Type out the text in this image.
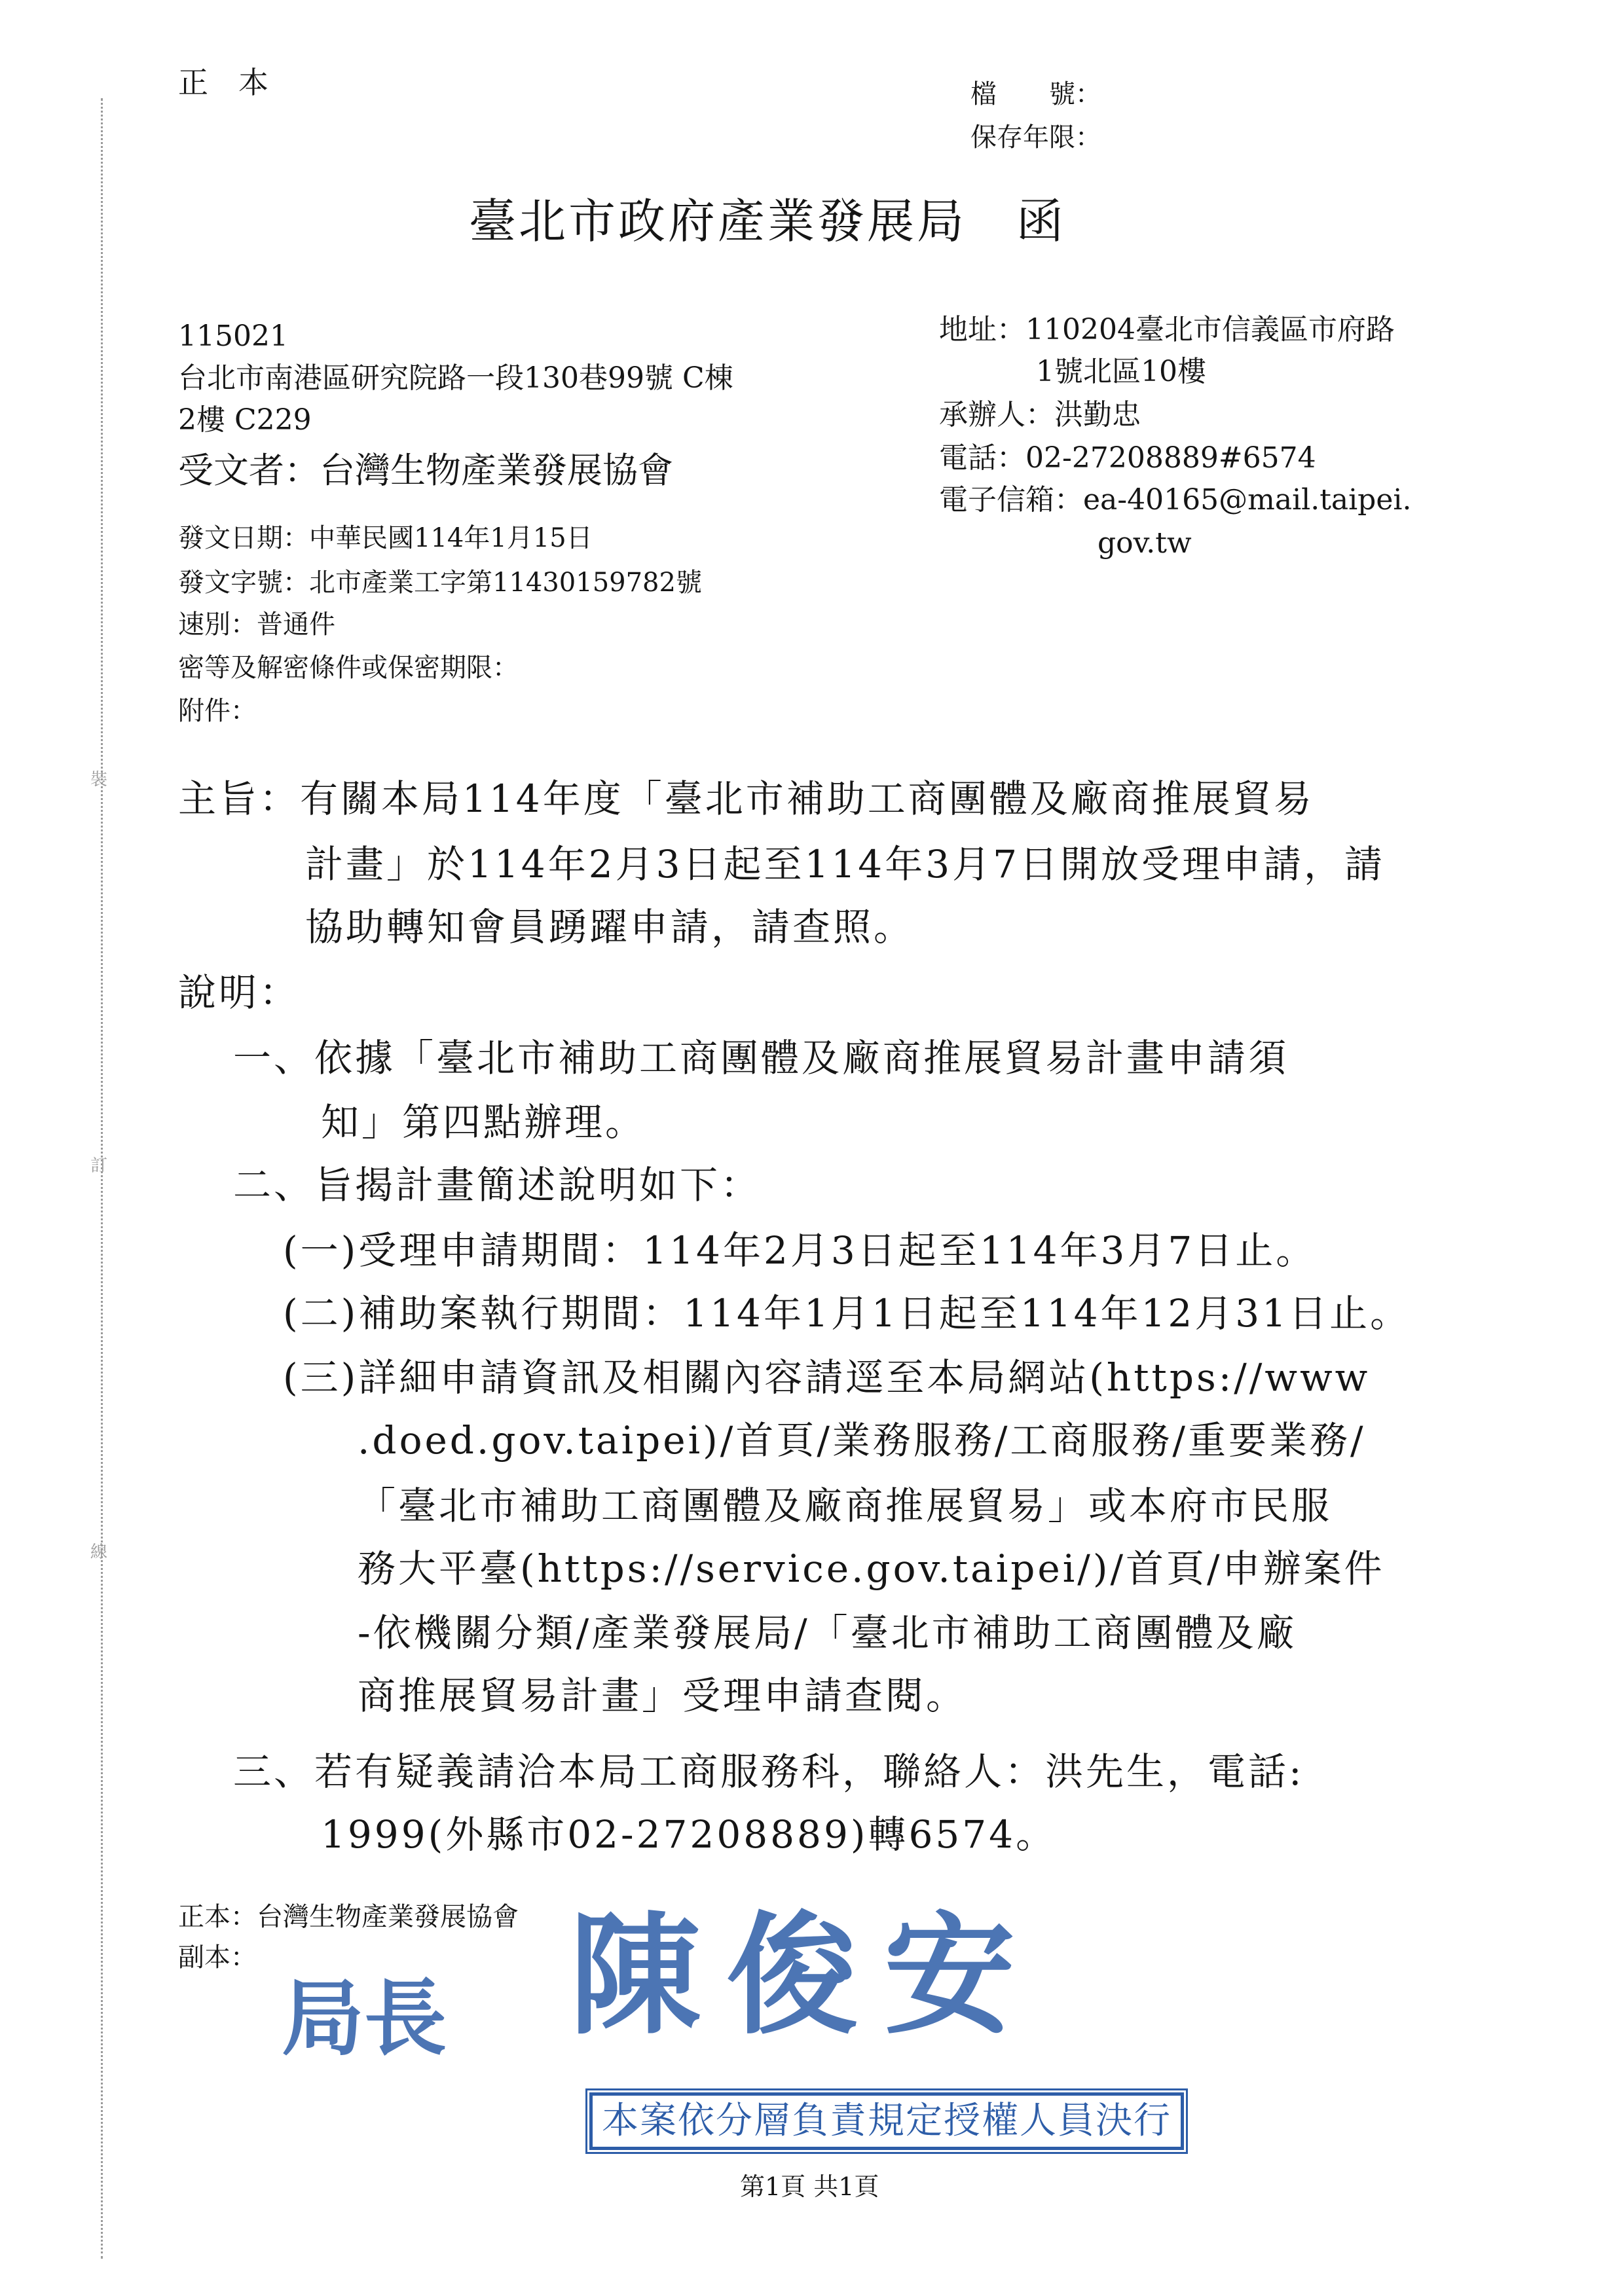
裝
訂
線
正　本	檔　　號：
保存年限：
臺北市政府產業發展局　函
115021
台北市南港區研究院路一段130巷99號 C棟
2樓 C229
受文者：台灣生物產業發展協會
地址：110204臺北市信義區市府路
1號北區10樓
承辦人：洪勤忠
電話：02-27208889#6574
電子信箱：ea-40165@mail.taipei.
gov.tw
發文日期：中華民國114年1月15日
發文字號：北市產業工字第11430159782號
速別：普通件
密等及解密條件或保密期限：
附件：
主旨：有關本局114年度「臺北市補助工商團體及廠商推展貿易
計畫」於114年2月3日起至114年3月7日開放受理申請，請
協助轉知會員踴躍申請，請查照。
說明：
一、依據「臺北市補助工商團體及廠商推展貿易計畫申請須
知」第四點辦理。
二、旨揭計畫簡述說明如下：
(一)受理申請期間：114年2月3日起至114年3月7日止。
(二)補助案執行期間：114年1月1日起至114年12月31日止。
(三)詳細申請資訊及相關內容請逕至本局網站(https://www
.doed.gov.taipei)/首頁/業務服務/工商服務/重要業務/
「臺北市補助工商團體及廠商推展貿易」或本府市民服
務大平臺(https://service.gov.taipei/)/首頁/申辦案件
-依機關分類/產業發展局/「臺北市補助工商團體及廠
商推展貿易計畫」受理申請查閱。
三、若有疑義請洽本局工商服務科，聯絡人：洪先生，電話:
1999(外縣市02-27208889)轉6574。
正本：台灣生物產業發展協會
副本：
局長 陳俊安
本案依分層負責規定授權人員決行
第1頁 共1頁
